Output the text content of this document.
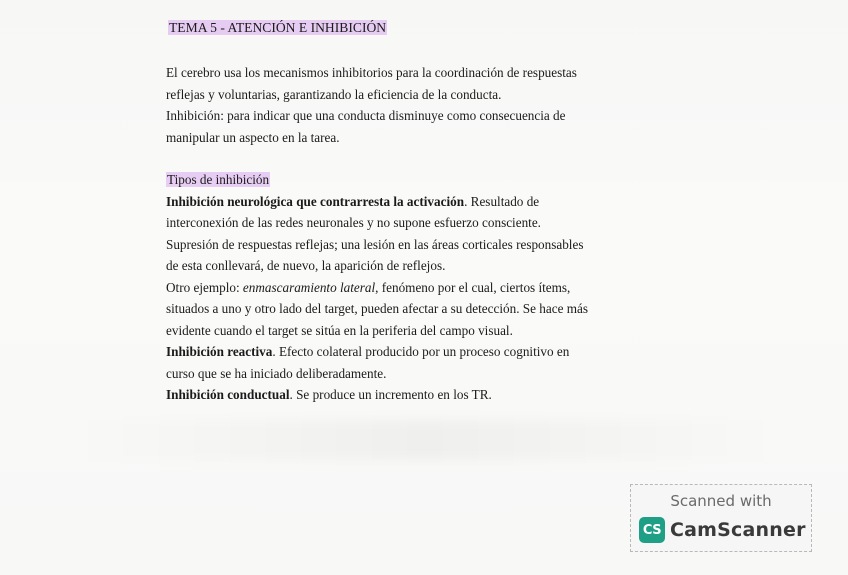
TEMA 5 - ATENCIÓN E INHIBICIÓN
El cerebro usa los mecanismos inhibitorios para la coordinación de respuestas
reflejas y voluntarias, garantizando la eficiencia de la conducta.
Inhibición: para indicar que una conducta disminuye como consecuencia de
manipular un aspecto en la tarea.
Tipos de inhibición
Inhibición neurológica que contrarresta la activación. Resultado de
interconexión de las redes neuronales y no supone esfuerzo consciente.
Supresión de respuestas reflejas; una lesión en las áreas corticales responsables
de esta conllevará, de nuevo, la aparición de reflejos.
Otro ejemplo: enmascaramiento lateral, fenómeno por el cual, ciertos ítems,
situados a uno y otro lado del target, pueden afectar a su detección. Se hace más
evidente cuando el target se sitúa en la periferia del campo visual.
Inhibición reactiva. Efecto colateral producido por un proceso cognitivo en
curso que se ha iniciado deliberadamente.
Inhibición conductual. Se produce un incremento en los TR.
Scanned with
CS CamScanner
